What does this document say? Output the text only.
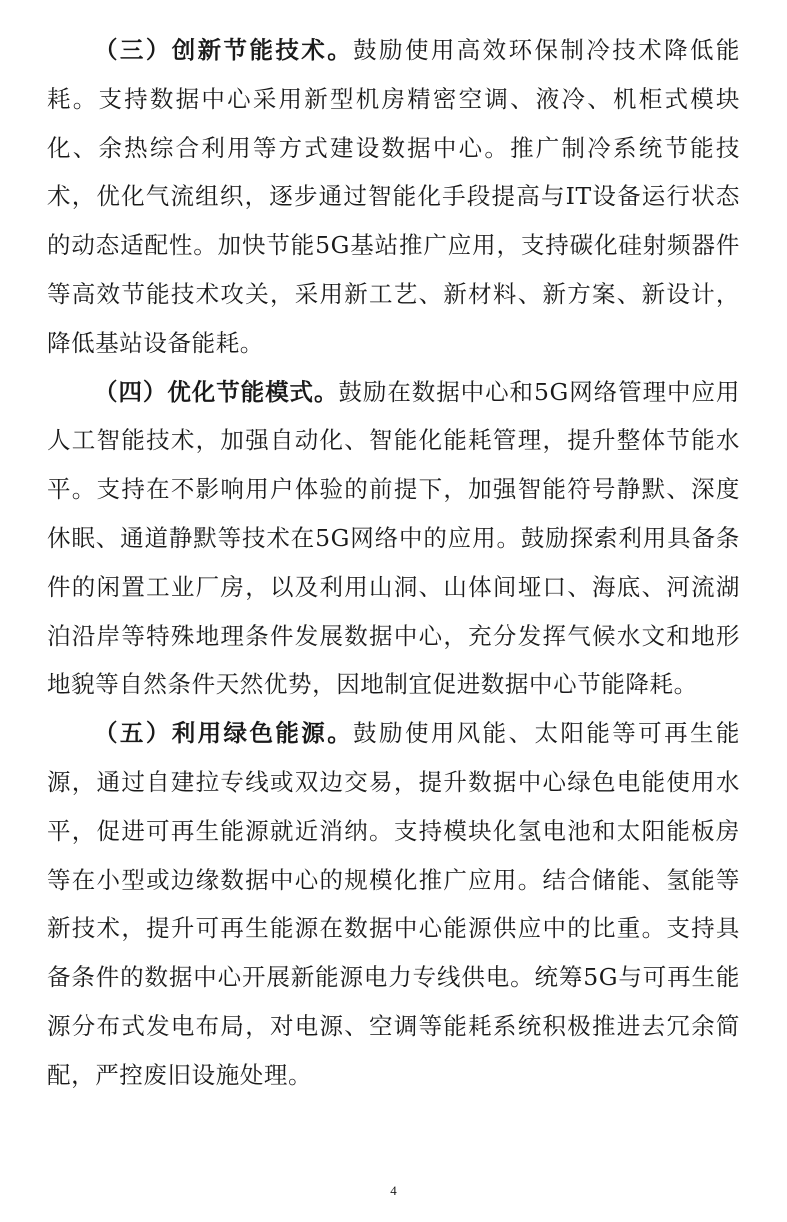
（三）创新节能技术。鼓励使用高效环保制冷技术降低能耗。支持数据中心采用新型机房精密空调、液冷、机柜式模块化、余热综合利用等方式建设数据中心。推广制冷系统节能技术，优化气流组织，逐步通过智能化手段提高与IT设备运行状态的动态适配性。加快节能5G基站推广应用，支持碳化硅射频器件等高效节能技术攻关，采用新工艺、新材料、新方案、新设计，降低基站设备能耗。

（四）优化节能模式。鼓励在数据中心和5G网络管理中应用人工智能技术，加强自动化、智能化能耗管理，提升整体节能水平。支持在不影响用户体验的前提下，加强智能符号静默、深度休眠、通道静默等技术在5G网络中的应用。鼓励探索利用具备条件的闲置工业厂房，以及利用山洞、山体间垭口、海底、河流湖泊沿岸等特殊地理条件发展数据中心，充分发挥气候水文和地形地貌等自然条件天然优势，因地制宜促进数据中心节能降耗。

（五）利用绿色能源。鼓励使用风能、太阳能等可再生能源，通过自建拉专线或双边交易，提升数据中心绿色电能使用水平，促进可再生能源就近消纳。支持模块化氢电池和太阳能板房等在小型或边缘数据中心的规模化推广应用。结合储能、氢能等新技术，提升可再生能源在数据中心能源供应中的比重。支持具备条件的数据中心开展新能源电力专线供电。统筹5G与可再生能源分布式发电布局，对电源、空调等能耗系统积极推进去冗余简配，严控废旧设施处理。

4
